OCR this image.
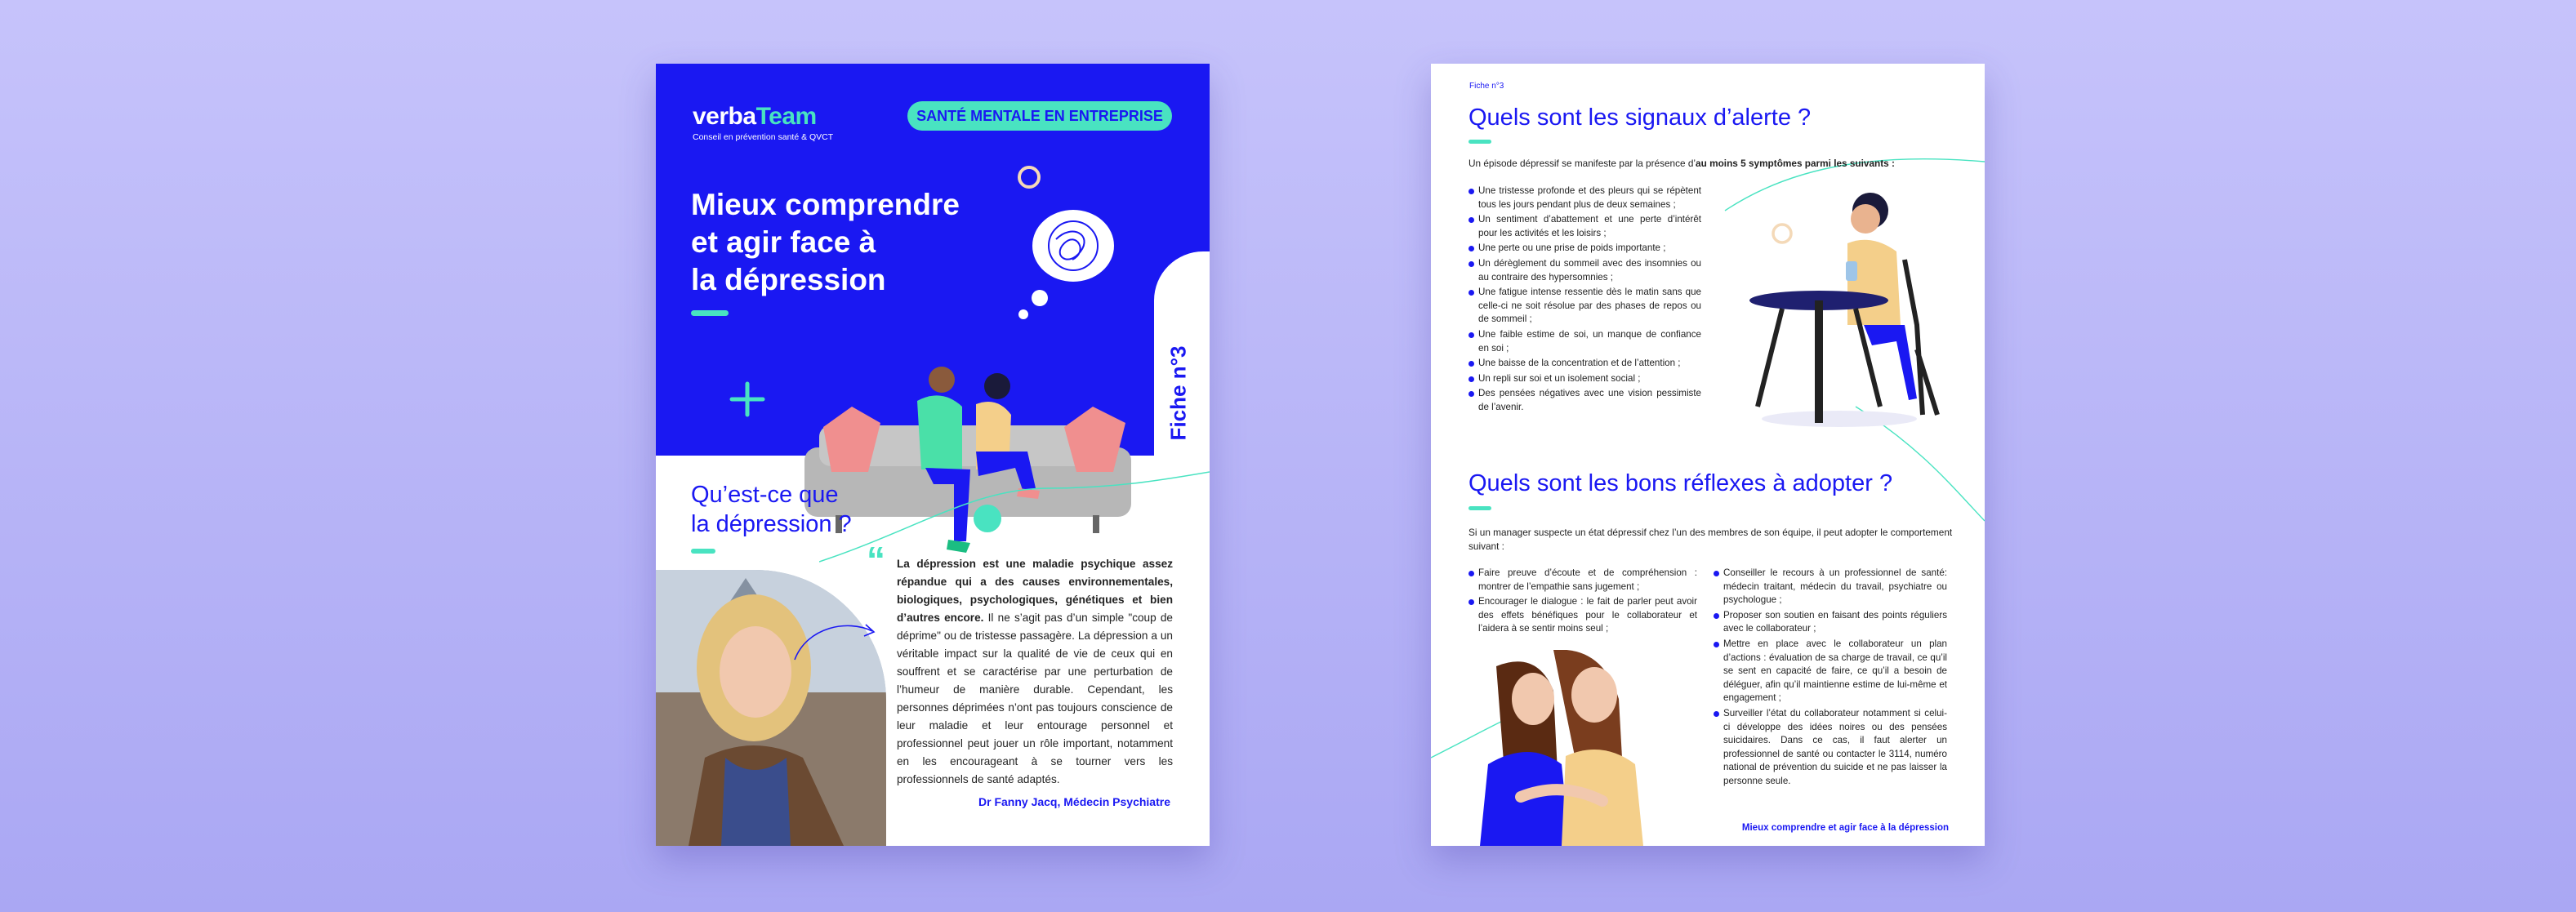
verbaTeam
Conseil en prévention santé & QVCT
SANTÉ MENTALE EN ENTREPRISE
Mieux comprendre
et agir face à
la dépression
Fiche n°3
Qu’est-ce que
la dépression ?
“ La dépression est une maladie psychique assez répandue qui a des causes environnementales, biologiques, psychologiques, génétiques et bien d’autres encore. Il ne s’agit pas d’un simple "coup de déprime" ou de tristesse passagère. La dépression a un véritable impact sur la qualité de vie de ceux qui en souffrent et se caractérise par une perturbation de l’humeur de manière durable. Cependant, les personnes déprimées n’ont pas toujours conscience de leur maladie et leur entourage personnel et professionnel peut jouer un rôle important, notamment en les encourageant à se tourner vers les professionnels de santé adaptés.
Dr Fanny Jacq, Médecin Psychiatre
Fiche n°3
Quels sont les signaux d’alerte ?
Un épisode dépressif se manifeste par la présence d’au moins 5 symptômes parmi les suivants :
Une tristesse profonde et des pleurs qui se répètent tous les jours pendant plus de deux semaines ;
Un sentiment d’abattement et une perte d’intérêt pour les activités et les loisirs ;
Une perte ou une prise de poids importante ;
Un dérèglement du sommeil avec des insomnies ou au contraire des hypersomnies ;
Une fatigue intense ressentie dès le matin sans que celle-ci ne soit résolue par des phases de repos ou de sommeil ;
Une faible estime de soi, un manque de confiance en soi ;
Une baisse de la concentration et de l’attention ;
Un repli sur soi et un isolement social ;
Des pensées négatives avec une vision pessimiste de l’avenir.
Quels sont les bons réflexes à adopter ?
Si un manager suspecte un état dépressif chez l’un des membres de son équipe, il peut adopter le comportement suivant :
Faire preuve d’écoute et de compréhension : montrer de l’empathie sans jugement ;
Encourager le dialogue : le fait de parler peut avoir des effets bénéfiques pour le collaborateur et l’aidera à se sentir moins seul ;
Conseiller le recours à un professionnel de santé: médecin traitant, médecin du travail, psychiatre ou psychologue ;
Proposer son soutien en faisant des points réguliers avec le collaborateur ;
Mettre en place avec le collaborateur un plan d’actions : évaluation de sa charge de travail, ce qu’il se sent en capacité de faire, ce qu’il a besoin de déléguer, afin qu’il maintienne estime de lui-même et engagement ;
Surveiller l’état du collaborateur notamment si celui-ci développe des idées noires ou des pensées suicidaires. Dans ce cas, il faut alerter un professionnel de santé ou contacter le 3114, numéro national de prévention du suicide et ne pas laisser la personne seule.
Mieux comprendre et agir face à la dépression
